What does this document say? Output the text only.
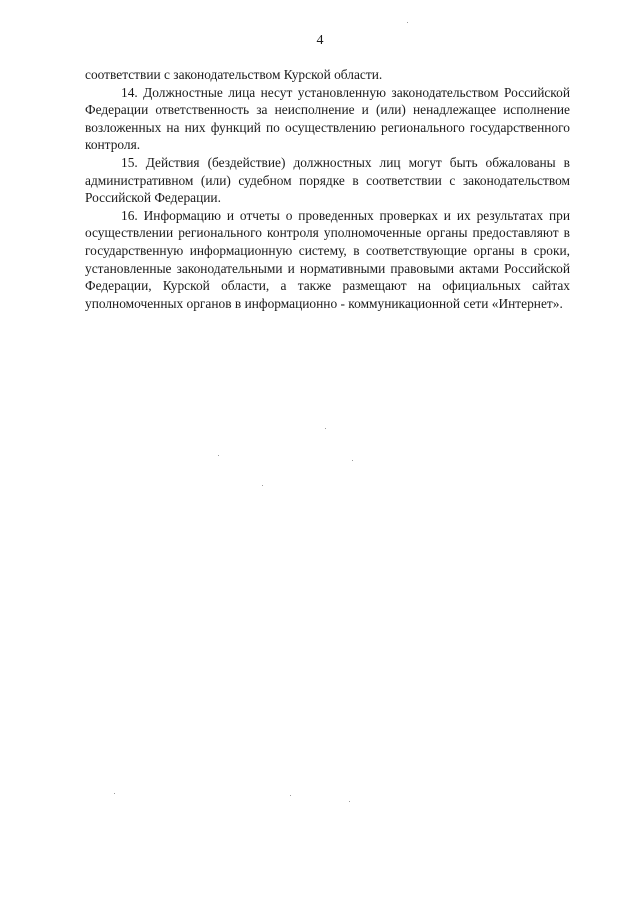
4

соответствии с законодательством Курской области.

14. Должностные лица несут установленную законодательством Российской Федерации ответственность за неисполнение и (или) ненадлежащее исполнение возложенных на них функций по осуществлению регионального государственного контроля.

15. Действия (бездействие) должностных лиц могут быть обжалованы в административном (или) судебном порядке в соответствии с законодательством Российской Федерации.

16. Информацию и отчеты о проведенных проверках и их результатах при осуществлении регионального контроля уполномоченные органы предоставляют в государственную информационную систему, в соответствующие органы в сроки, установленные законодательными и нормативными правовыми актами Российской Федерации, Курской области, а также размещают на официальных сайтах уполномоченных органов в информационно - коммуникационной сети «Интернет».
